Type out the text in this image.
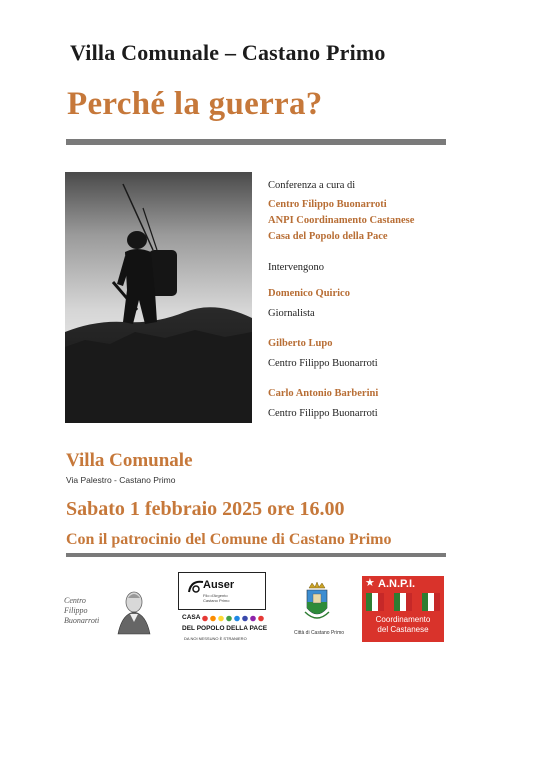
Villa Comunale – Castano Primo
Perché la guerra?
Conferenza a cura di
Centro Filippo Buonarroti
ANPI Coordinamento Castanese
Casa del Popolo della Pace
Intervengono
Domenico Quirico
Giornalista
Gilberto Lupo
Centro Filippo Buonarroti
Carlo Antonio Barberini
Centro Filippo Buonarroti
Villa Comunale
Via Palestro - Castano Primo
Sabato 1 febbraio 2025 ore 16.00
Con il patrocinio del Comune di Castano Primo
Centro
Filippo
Buonarroti
Auser
Filo d'Argento
Castano Primo
CASA
DEL POPOLO DELLA PACE
DA NOI NESSUNO È STRANIERO
Città di Castano Primo
★ A.N.P.I.
Coordinamento
del Castanese
